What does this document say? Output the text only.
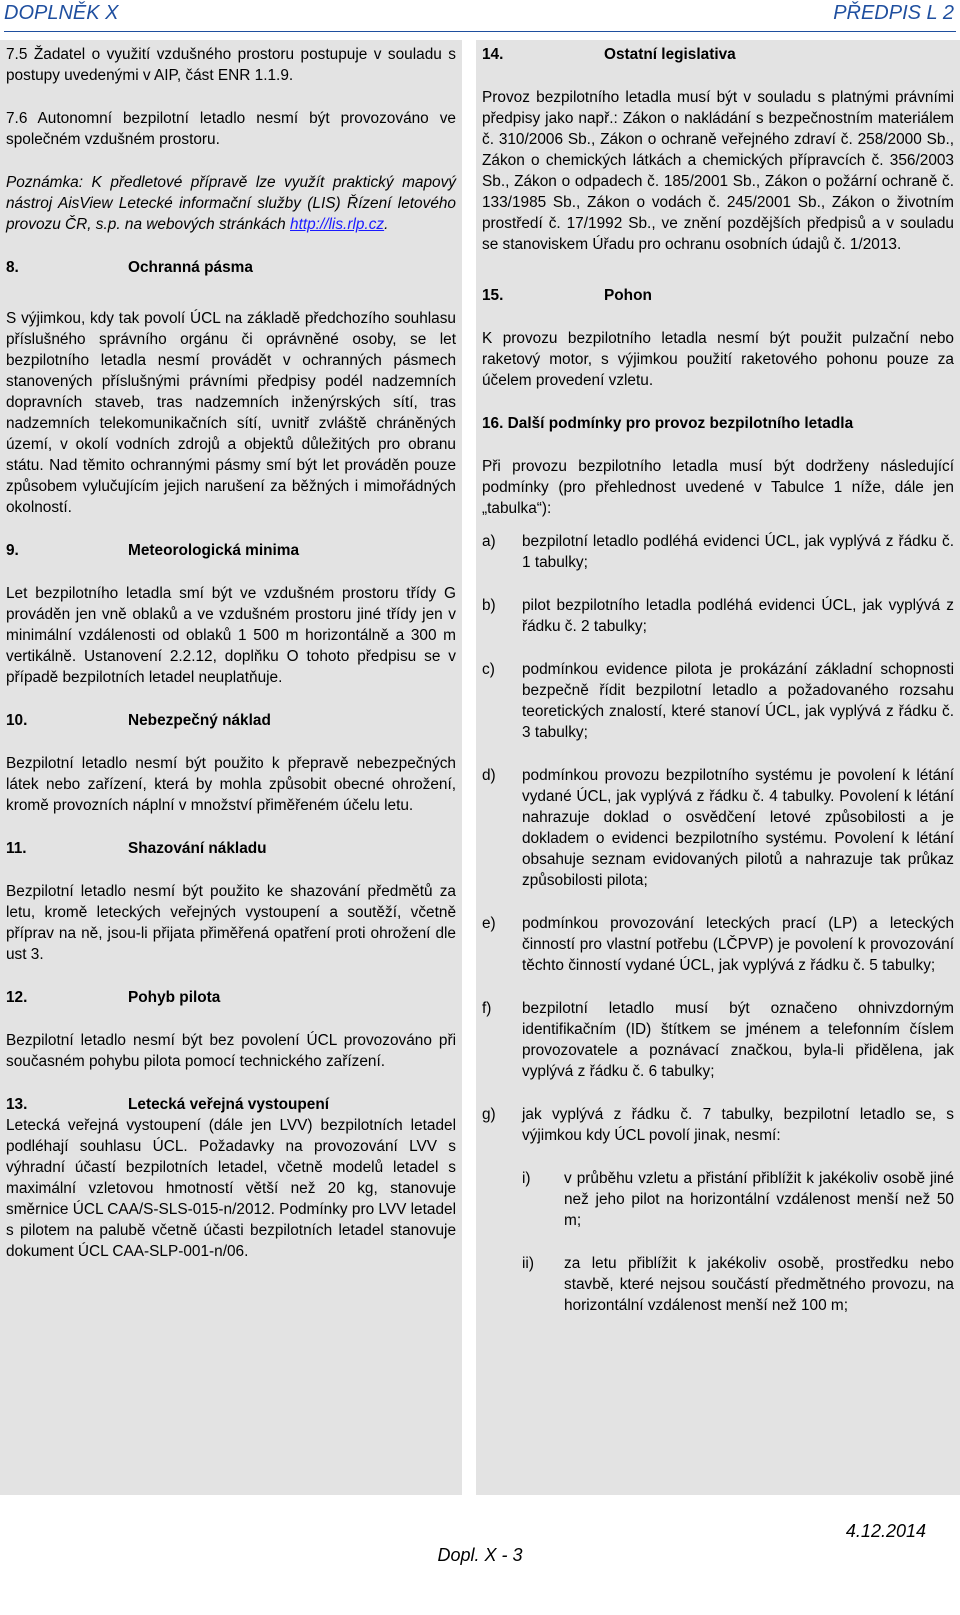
DOPLNĚK X	PŘEDPIS L 2

7.5 Žadatel o využití vzdušného prostoru postupuje v souladu s postupy uvedenými v AIP, část ENR 1.1.9.

7.6 Autonomní bezpilotní letadlo nesmí být provozováno ve společném vzdušném prostoru.

Poznámka: K předletové přípravě lze využít praktický mapový nástroj AisView Letecké informační služby (LIS) Řízení letového provozu ČR, s.p. na webových stránkách http://lis.rlp.cz.

8.	Ochranná pásma

S výjimkou, kdy tak povolí ÚCL na základě předchozího souhlasu příslušného správního orgánu či oprávněné osoby, se let bezpilotního letadla nesmí provádět v ochranných pásmech stanovených příslušnými právními předpisy podél nadzemních dopravních staveb, tras nadzemních inženýrských sítí, tras nadzemních telekomunikačních sítí, uvnitř zvláště chráněných území, v okolí vodních zdrojů a objektů důležitých pro obranu státu. Nad těmito ochrannými pásmy smí být let prováděn pouze způsobem vylučujícím jejich narušení za běžných i mimořádných okolností.

9.	Meteorologická minima

Let bezpilotního letadla smí být ve vzdušném prostoru třídy G prováděn jen vně oblaků a ve vzdušném prostoru jiné třídy jen v minimální vzdálenosti od oblaků 1 500 m horizontálně a 300 m vertikálně. Ustanovení 2.2.12, doplňku O tohoto předpisu se v případě bezpilotních letadel neuplatňuje.

10.	Nebezpečný náklad

Bezpilotní letadlo nesmí být použito k přepravě nebezpečných látek nebo zařízení, která by mohla způsobit obecné ohrožení, kromě provozních náplní v množství přiměřeném účelu letu.

11.	Shazování nákladu

Bezpilotní letadlo nesmí být použito ke shazování předmětů za letu, kromě leteckých veřejných vystoupení a soutěží, včetně příprav na ně, jsou-li přijata přiměřená opatření proti ohrožení dle ust 3.

12.	Pohyb pilota

Bezpilotní letadlo nesmí být bez povolení ÚCL provozováno při současném pohybu pilota pomocí technického zařízení.

13.	Letecká veřejná vystoupení

Letecká veřejná vystoupení (dále jen LVV) bezpilotních letadel podléhají souhlasu ÚCL. Požadavky na provozování LVV s výhradní účastí bezpilotních letadel, včetně modelů letadel s maximální vzletovou hmotností větší než 20 kg, stanovuje směrnice ÚCL CAA/S-SLS-015-n/2012. Podmínky pro LVV letadel s pilotem na palubě včetně účasti bezpilotních letadel stanovuje dokument ÚCL CAA-SLP-001-n/06.

14.	Ostatní legislativa

Provoz bezpilotního letadla musí být v souladu s platnými právními předpisy jako např.: Zákon o nakládání s bezpečnostním materiálem č. 310/2006 Sb., Zákon o ochraně veřejného zdraví č. 258/2000 Sb., Zákon o chemických látkách a chemických přípravcích č. 356/2003 Sb., Zákon o odpadech č. 185/2001 Sb., Zákon o požární ochraně č. 133/1985 Sb., Zákon o vodách č. 245/2001 Sb., Zákon o životním prostředí č. 17/1992 Sb., ve znění pozdějších předpisů a v souladu se stanoviskem Úřadu pro ochranu osobních údajů č. 1/2013.

15.	Pohon

K provozu bezpilotního letadla nesmí být použit pulzační nebo raketový motor, s výjimkou použití raketového pohonu pouze za účelem provedení vzletu.

16. Další podmínky pro provoz bezpilotního letadla

Při provozu bezpilotního letadla musí být dodrženy následující podmínky (pro přehlednost uvedené v Tabulce 1 níže, dále jen „tabulka“):

a)	bezpilotní letadlo podléhá evidenci ÚCL, jak vyplývá z řádku č. 1 tabulky;
b)	pilot bezpilotního letadla podléhá evidenci ÚCL, jak vyplývá z řádku č. 2 tabulky;
c)	podmínkou evidence pilota je prokázání základní schopnosti bezpečně řídit bezpilotní letadlo a požadovaného rozsahu teoretických znalostí, které stanoví ÚCL, jak vyplývá z řádku č. 3 tabulky;
d)	podmínkou provozu bezpilotního systému je povolení k létání vydané ÚCL, jak vyplývá z řádku č. 4 tabulky. Povolení k létání nahrazuje doklad o osvědčení letové způsobilosti a je dokladem o evidenci bezpilotního systému. Povolení k létání obsahuje seznam evidovaných pilotů a nahrazuje tak průkaz způsobilosti pilota;
e)	podmínkou provozování leteckých prací (LP) a leteckých činností pro vlastní potřebu (LČPVP) je povolení k provozování těchto činností vydané ÚCL, jak vyplývá z řádku č. 5 tabulky;
f)	bezpilotní letadlo musí být označeno ohnivzdorným identifikačním (ID) štítkem se jménem a telefonním číslem provozovatele a poznávací značkou, byla-li přidělena, jak vyplývá z řádku č. 6 tabulky;
g)	jak vyplývá z řádku č. 7 tabulky, bezpilotní letadlo se, s výjimkou kdy ÚCL povolí jinak, nesmí:
i)	v průběhu vzletu a přistání přiblížit k jakékoliv osobě jiné než jeho pilot na horizontální vzdálenost menší než 50 m;
ii)	za letu přiblížit k jakékoliv osobě, prostředku nebo stavbě, které nejsou součástí předmětného provozu, na horizontální vzdálenost menší než 100 m;
4.12.2014
Dopl. X - 3
